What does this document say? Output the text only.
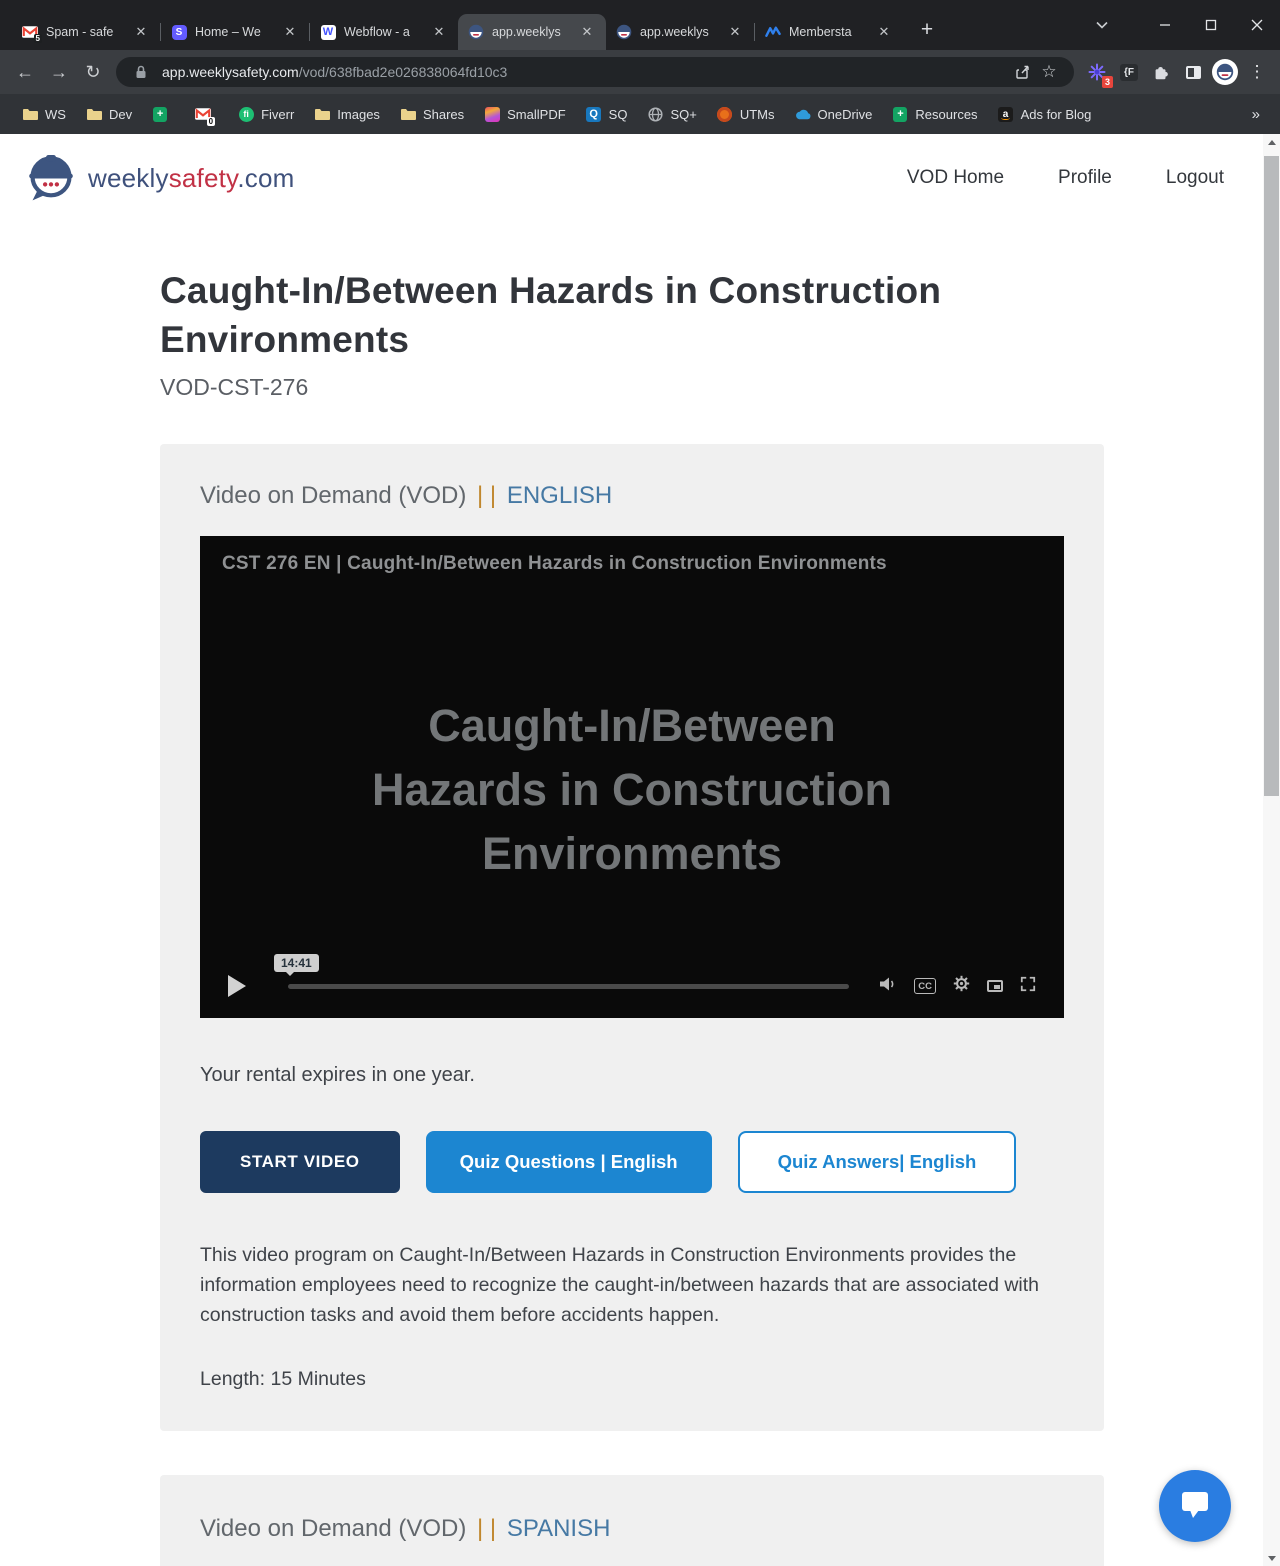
5 Spam - safe	✕	S	Home – We	✕	W Webflow - a	✕	app.weeklys	✕	app.weeklys	✕	Membersta	✕	+
← → ↻	app.weeklysafety.com/vod/638fbad2e026838064fd10c3	☆
3
{F	⋮
WS	Dev	+
0
fi Fiverr	Images	Shares	SmallPDF Q SQ	SQ+	UTMs	OneDrive	+ Resources	a Ads for Blog	»
weeklysafety.com	VOD Home	Profile	Logout
Caught-In/Between Hazards in Construction Environments
VOD-CST-276
Video on Demand (VOD) | | ENGLISH
CST 276 EN | Caught-In/Between Hazards in Construction Environments
Caught-In/Between
Hazards in Construction
Environments
14:41
CC
Your rental expires in one year.
START VIDEO	Quiz Questions | English	Quiz Answers| English
This video program on Caught-In/Between Hazards in Construction Environments provides the information employees need to recognize the caught-in/between hazards that are associated with construction tasks and avoid them before accidents happen.
Length: 15 Minutes
Video on Demand (VOD) | | SPANISH
